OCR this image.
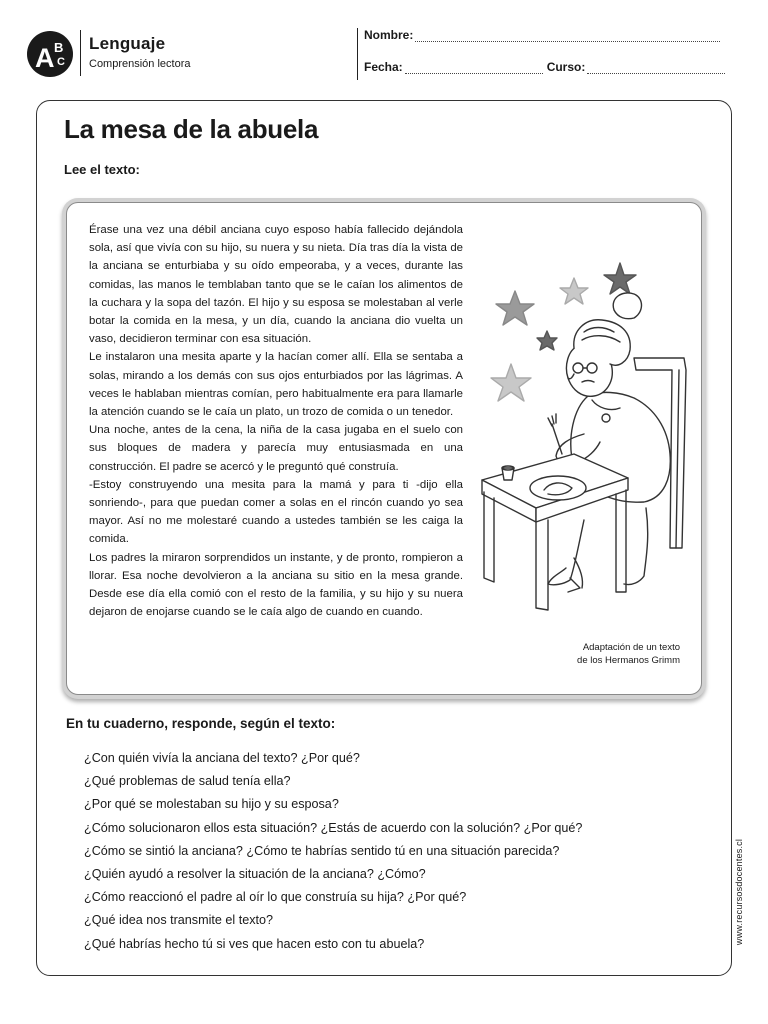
A B
C
Lenguaje
Comprensión lectora
Nombre:
Fecha:	Curso:
La mesa de la abuela
Lee el texto:

Érase una vez una débil anciana cuyo esposo había fallecido dejándola sola, así que vivía con su hijo, su nuera y su nieta. Día tras día la vista de la anciana se enturbiaba y su oído empeoraba, y a veces, durante las comidas, las manos le temblaban tanto que se le caían los alimentos de la cuchara y la sopa del tazón. El hijo y su esposa se molestaban al verle botar la comida en la mesa, y un día, cuando la anciana dio vuelta un vaso, decidieron terminar con esa situación.

Le instalaron una mesita aparte y la hacían comer allí. Ella se sentaba a solas, mirando a los demás con sus ojos enturbiados por las lágrimas. A veces le hablaban mientras comían, pero habitualmente era para llamarle la atención cuando se le caía un plato, un trozo de comida o un tenedor.

Una noche, antes de la cena, la niña de la casa jugaba en el suelo con sus bloques de madera y parecía muy entusiasmada en una construcción. El padre se acercó y le preguntó qué construía.

-Estoy construyendo una mesita para la mamá y para ti -dijo ella sonriendo-, para que puedan comer a solas en el rincón cuando yo sea mayor. Así no me molestaré cuando a ustedes también se les caiga la comida.

Los padres la miraron sorprendidos un instante, y de pronto, rompieron a llorar. Esa noche devolvieron a la anciana su sitio en la mesa grande. Desde ese día ella comió con el resto de la familia, y su hijo y su nuera dejaron de enojarse cuando se le caía algo de cuando en cuando.

Adaptación de un texto
de los Hermanos Grimm
En tu cuaderno, responde, según el texto:
¿Con quién vivía la anciana del texto? ¿Por qué?
¿Qué problemas de salud tenía ella?
¿Por qué se molestaban su hijo y su esposa?
¿Cómo solucionaron ellos esta situación? ¿Estás de acuerdo con la solución? ¿Por qué?
¿Cómo se sintió la anciana? ¿Cómo te habrías sentido tú en una situación parecida?
¿Quién ayudó a resolver la situación de la anciana? ¿Cómo?
¿Cómo reaccionó el padre al oír lo que construía su hija? ¿Por qué?
¿Qué idea nos transmite el texto?
¿Qué habrías hecho tú si ves que hacen esto con tu abuela?	www.recursosdocentes.cl
